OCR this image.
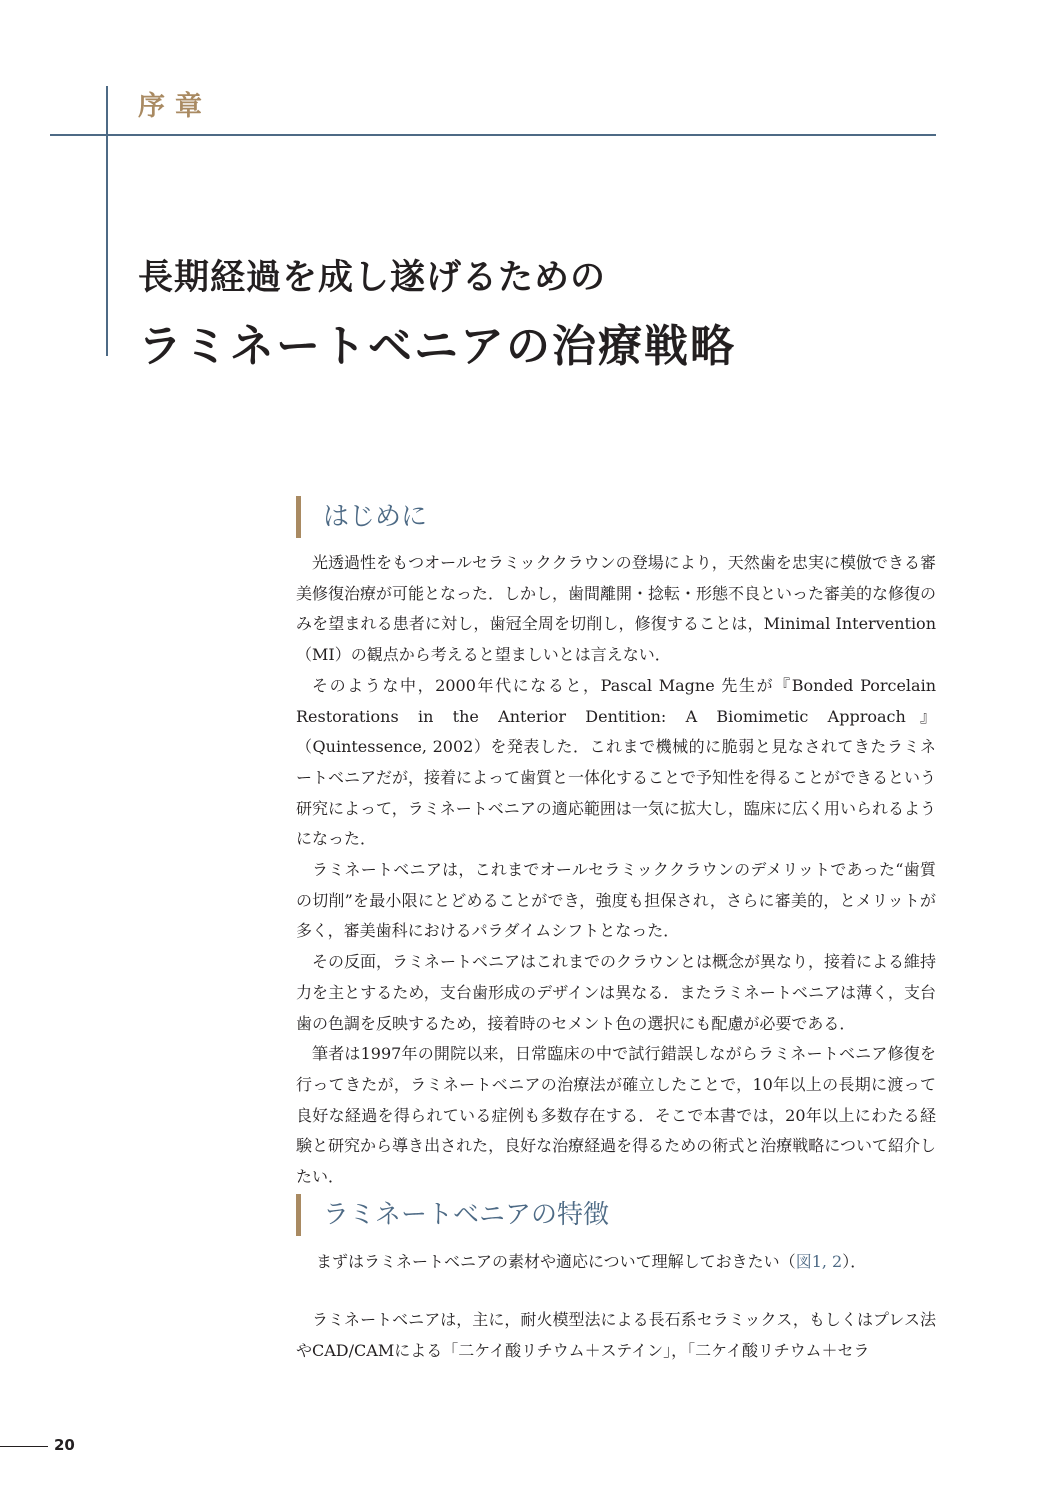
序章
長期経過を成し遂げるための
ラミネートベニアの治療戦略
はじめに

光透過性をもつオールセラミッククラウンの登場により，天然歯を忠実に模倣できる審美修復治療が可能となった．しかし，歯間離開・捻転・形態不良といった審美的な修復のみを望まれる患者に対し，歯冠全周を切削し，修復することは，Minimal Intervention（MI）の観点から考えると望ましいとは言えない．

そのような中，2000年代になると，Pascal Magne 先生が『Bonded Porcelain Restorations in the Anterior Dentition: A Biomimetic Approach』（Quintessence, 2002）を発表した．これまで機械的に脆弱と見なされてきたラミネートベニアだが，接着によって歯質と一体化することで予知性を得ることができるという研究によって，ラミネートベニアの適応範囲は一気に拡大し，臨床に広く用いられるようになった．

ラミネートベニアは，これまでオールセラミッククラウンのデメリットであった“歯質の切削”を最小限にとどめることができ，強度も担保され，さらに審美的，とメリットが多く，審美歯科におけるパラダイムシフトとなった．

その反面，ラミネートベニアはこれまでのクラウンとは概念が異なり，接着による維持力を主とするため，支台歯形成のデザインは異なる．またラミネートベニアは薄く，支台歯の色調を反映するため，接着時のセメント色の選択にも配慮が必要である．

筆者は1997年の開院以来，日常臨床の中で試行錯誤しながらラミネートベニア修復を行ってきたが，ラミネートベニアの治療法が確立したことで，10年以上の長期に渡って良好な経過を得られている症例も多数存在する．そこで本書では，20年以上にわたる経験と研究から導き出された，良好な治療経過を得るための術式と治療戦略について紹介したい．

ラミネートベニアの特徴
まずはラミネートベニアの素材や適応について理解しておきたい（図1, 2）．

ラミネートベニアは，主に，耐火模型法による長石系セラミックス，もしくはプレス法やCAD/CAMによる「二ケイ酸リチウム＋ステイン」，「二ケイ酸リチウム＋セラ

20
